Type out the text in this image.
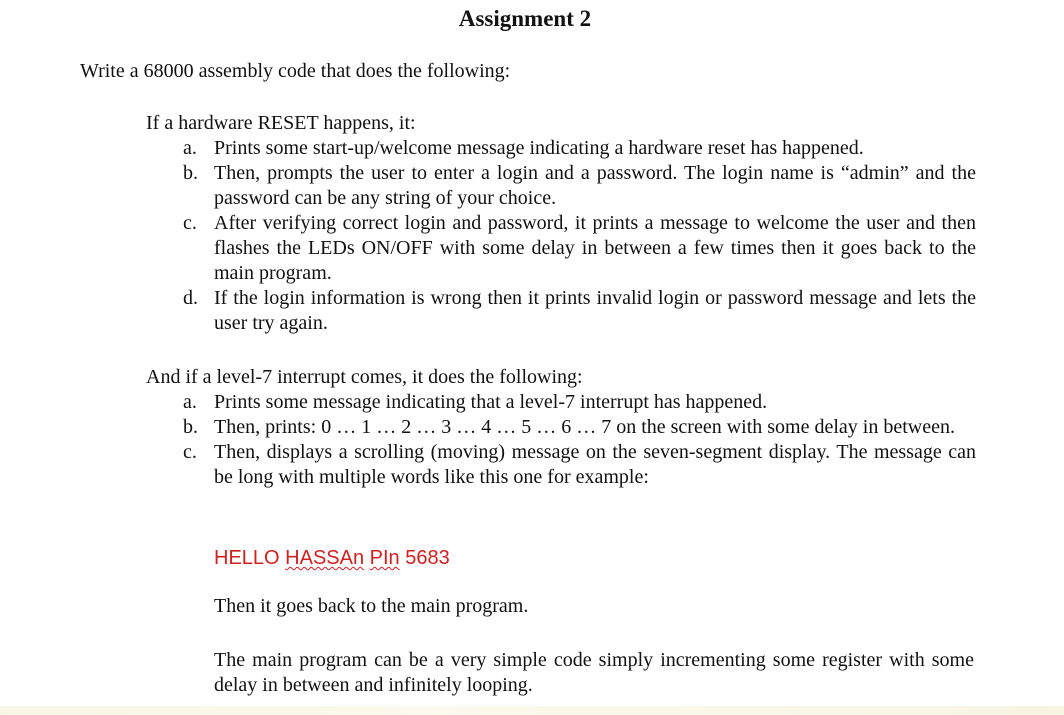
Assignment 2
Write a 68000 assembly code that does the following:
If a hardware RESET happens, it:
a. Prints some start-up/welcome message indicating a hardware reset has happened.
b. Then, prompts the user to enter a login and a password. The login name is “admin” and the password can be any string of your choice.
c. After verifying correct login and password, it prints a message to welcome the user and then flashes the LEDs ON/OFF with some delay in between a few times then it goes back to the main program.
d. If the login information is wrong then it prints invalid login or password message and lets the user try again.
And if a level-7 interrupt comes, it does the following:
a. Prints some message indicating that a level-7 interrupt has happened.
b. Then, prints: 0 … 1 … 2 … 3 … 4 … 5 … 6 … 7 on the screen with some delay in between.
c. Then, displays a scrolling (moving) message on the seven-segment display. The message can be long with multiple words like this one for example:
HELLO HASSAn PIn 5683
Then it goes back to the main program.
The main program can be a very simple code simply incrementing some register with some delay in between and infinitely looping.
